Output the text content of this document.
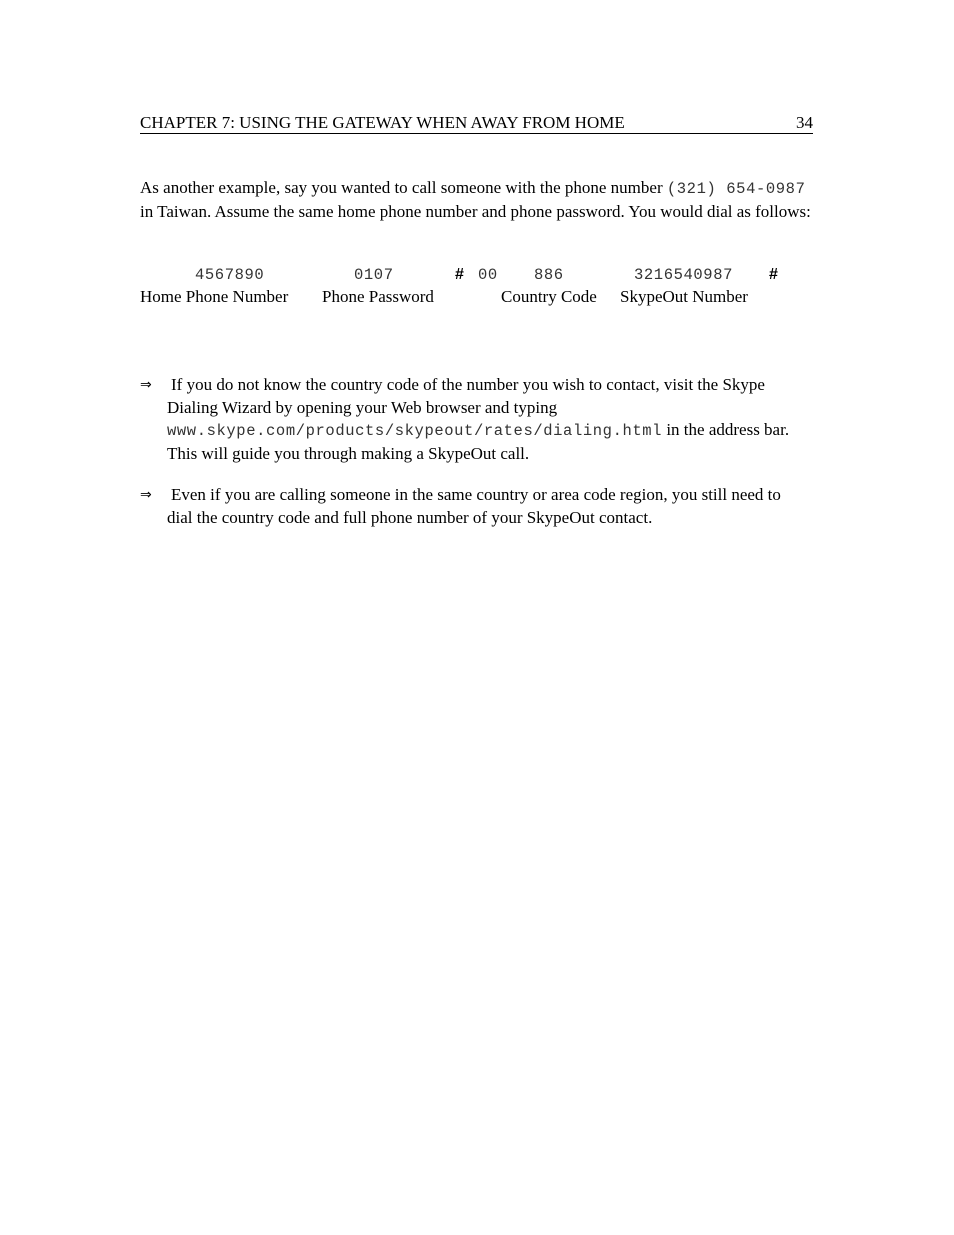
CHAPTER 7: USING THE GATEWAY WHEN AWAY FROM HOME	34
As another example, say you wanted to call someone with the phone number (321) 654-0987 in Taiwan. Assume the same home phone number and phone password. You would dial as follows:
4567890	0107	# 00 886	3216540987 #
Home Phone Number Phone Password	Country Code SkypeOut Number
⇒ If you do not know the country code of the number you wish to contact, visit the Skype Dialing Wizard by opening your Web browser and typing www.skype.com/products/skypeout/rates/dialing.html in the address bar. This will guide you through making a SkypeOut call.
⇒ Even if you are calling someone in the same country or area code region, you still need to dial the country code and full phone number of your SkypeOut contact.
